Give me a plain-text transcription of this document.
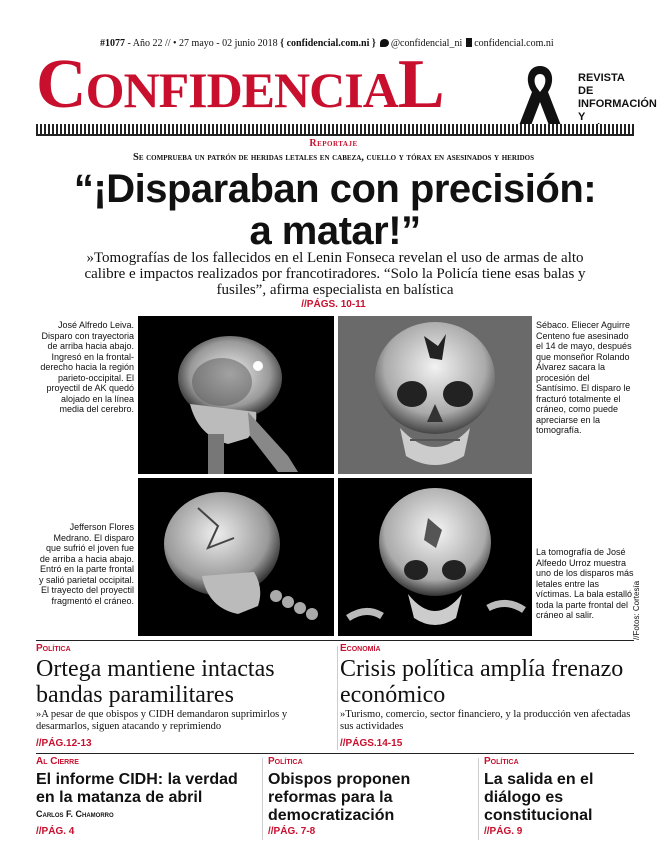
#1077 - Año 22 // • 27 mayo - 02 junio 2018 { confidencial.com.ni } @confidencial_ni confidencial.com.ni
CONFIDENCIAL	REVISTA DE
INFORMACIÓN
Y
Reportaje
Se comprueba un patrón de heridas letales en cabeza, cuello y tórax en asesinados y heridos
“¡Disparaban con precisión: a matar!”
»Tomografías de los fallecidos en el Lenin Fonseca revelan el uso de armas de alto calibre e impactos realizados por francotiradores. “Solo la Policía tiene esas balas y fusiles”, afirma especialista en balística
//PÁGS. 10-11
José Alfredo Leiva. Disparo con trayectoria de arriba hacia abajo. Ingresó en la frontal-derecho hacia la región parieto-occipital. El proyectil de AK quedó alojado en la línea media del cerebro.
Sébaco. Eliecer Aguirre Centeno fue asesinado el 14 de mayo, después que monseñor Rolando Álvarez sacara la procesión del Santísimo. El disparo le fracturó totalmente el cráneo, como puede apreciarse en la tomografía.
Jefferson Flores Medrano. El disparo que sufrió el joven fue de arriba a hacia abajo. Entró en la parte frontal y salió parietal occipital. El trayecto del proyectil fragmentó el cráneo.
La tomografía de José Alfeedo Urroz muestra uno de los disparos más letales entre las víctimas. La bala estalló toda la parte frontal del cráneo al salir.	//Fotos: Cortesía
Política
Ortega mantiene intactas bandas paramilitares
»A pesar de que obispos y CIDH demandaron suprimirlos y desarmarlos, siguen atacando y reprimiendo
//PÁG.12-13
Economía
Crisis política amplía frenazo económico
»Turismo, comercio, sector financiero, y la producción ven afectadas sus actividades
//PÁGS.14-15
Al Cierre
El informe CIDH: la verdad en la matanza de abril
Carlos F. Chamorro
//PÁG. 4
Política
Obispos proponen reformas para la democratización
//PÁG. 7-8
Política
La salida en el diálogo es constitucional
//PÁG. 9
